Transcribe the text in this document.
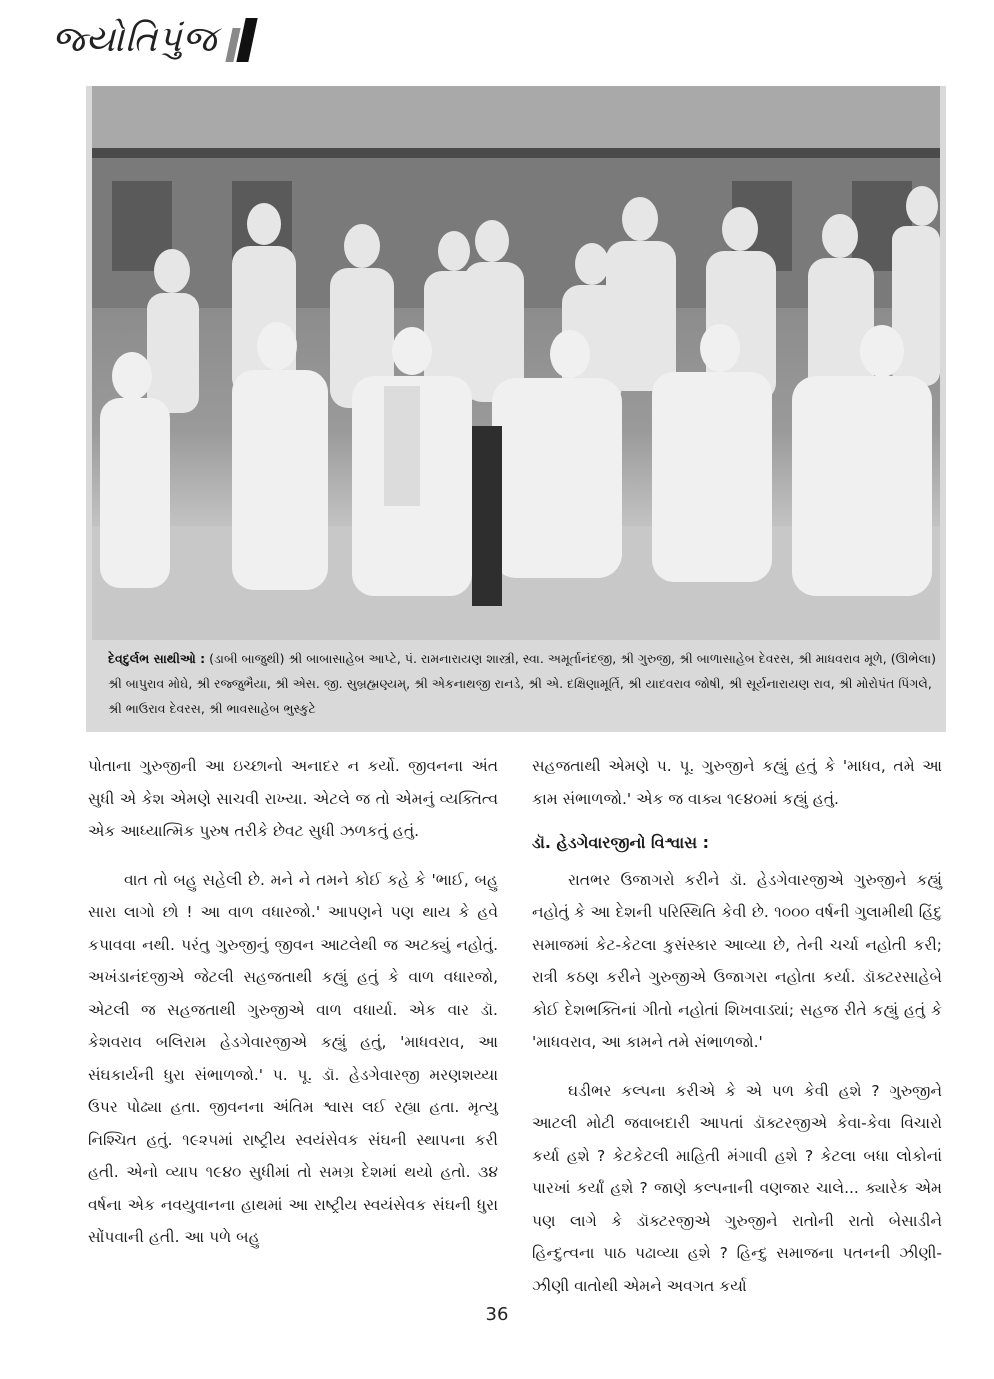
જ્યોતિપુંજ
દેવદુર્લભ સાથીઓ : (ડાબી બાજુથી) શ્રી બાબાસાહેબ આપ્ટે, પં. રામનારાયણ શાસ્ત્રી, સ્વા. અમૂર્તાનંદજી, શ્રી ગુરુજી, શ્રી બાળાસાહેબ દેવરસ, શ્રી માધવરાવ મૂળે, (ઊભેલા) શ્રી બાપુરાવ મોઘે, શ્રી રજ્જુભૈયા, શ્રી એસ. જી. સુબ્રહ્મણ્યમ્, શ્રી એકનાથજી રાનડે, શ્રી એ. દક્ષિણામૂર્તિ, શ્રી યાદવરાવ જોષી, શ્રી સૂર્યનારાયણ રાવ, શ્રી મોરોપંત પિંગલે, શ્રી ભાઉરાવ દેવરસ, શ્રી ભાવસાહેબ ભુસ્કુટે

પોતાના ગુરુજીની આ ઇચ્છાનો અનાદર ન કર્યો. જીવનના અંત સુધી એ કેશ એમણે સાચવી રાખ્યા. એટલે જ તો એમનું વ્યક્તિત્વ એક આધ્યાત્મિક પુરુષ તરીકે છેવટ સુધી ઝળકતું હતું.

વાત તો બહુ સહેલી છે. મને ને તમને કોઈ કહે કે 'ભાઈ, બહુ સારા લાગો છો ! આ વાળ વધારજો.' આપણને પણ થાય કે હવે કપાવવા નથી. પરંતુ ગુરુજીનું જીવન આટલેથી જ અટક્યું નહોતું. અખંડાનંદજીએ જેટલી સહજતાથી કહ્યું હતું કે વાળ વધારજો, એટલી જ સહજતાથી ગુરુજીએ વાળ વધાર્યા. એક વાર ડૉ. કેશવરાવ બલિરામ હેડગેવારજીએ કહ્યું હતું, 'માધવરાવ, આ સંઘકાર્યની ધુરા સંભાળજો.' પ. પૂ. ડૉ. હેડગેવારજી મરણશય્યા ઉપર પોઢ્યા હતા. જીવનના અંતિમ શ્વાસ લઈ રહ્યા હતા. મૃત્યુ નિશ્ચિત હતું. ૧૯૨૫માં રાષ્ટ્રીય સ્વયંસેવક સંઘની સ્થાપના કરી હતી. એનો વ્યાપ ૧૯૪૦ સુધીમાં તો સમગ્ર દેશમાં થયો હતો. ૩૪ વર્ષના એક નવયુવાનના હાથમાં આ રાષ્ટ્રીય સ્વયંસેવક સંઘની ધુરા સોંપવાની હતી. આ પળે બહુ

સહજતાથી એમણે પ. પૂ. ગુરુજીને કહ્યું હતું કે 'માધવ, તમે આ કામ સંભાળજો.' એક જ વાક્ય ૧૯૪૦માં કહ્યું હતું.

ડૉ. હેડગેવારજીનો વિશ્વાસ :

રાતભર ઉજાગરો કરીને ડૉ. હેડગેવારજીએ ગુરુજીને કહ્યું નહોતું કે આ દેશની પરિસ્થિતિ કેવી છે. ૧૦૦૦ વર્ષની ગુલામીથી હિંદુ સમાજમાં કેટ-કેટલા કુસંસ્કાર આવ્યા છે, તેની ચર્ચા નહોતી કરી; રાત્રી કઠણ કરીને ગુરુજીએ ઉજાગરા નહોતા કર્યા. ડૉક્ટરસાહેબે કોઈ દેશભક્તિનાં ગીતો નહોતાં શિખવાડ્યાં; સહજ રીતે કહ્યું હતું કે 'માધવરાવ, આ કામને તમે સંભાળજો.'

ઘડીભર કલ્પના કરીએ કે એ પળ કેવી હશે ? ગુરુજીને આટલી મોટી જવાબદારી આપતાં ડૉક્ટરજીએ કેવા-કેવા વિચારો કર્યા હશે ? કેટકેટલી માહિતી મંગાવી હશે ? કેટલા બધા લોકોનાં પારખાં કર્યાં હશે ? જાણે કલ્પનાની વણજાર ચાલે... ક્યારેક એમ પણ લાગે કે ડૉક્ટરજીએ ગુરુજીને રાતોની રાતો બેસાડીને હિન્દુત્વના પાઠ પઢાવ્યા હશે ? હિન્દુ સમાજના પતનની ઝીણી-ઝીણી વાતોથી એમને અવગત કર્યા

36
